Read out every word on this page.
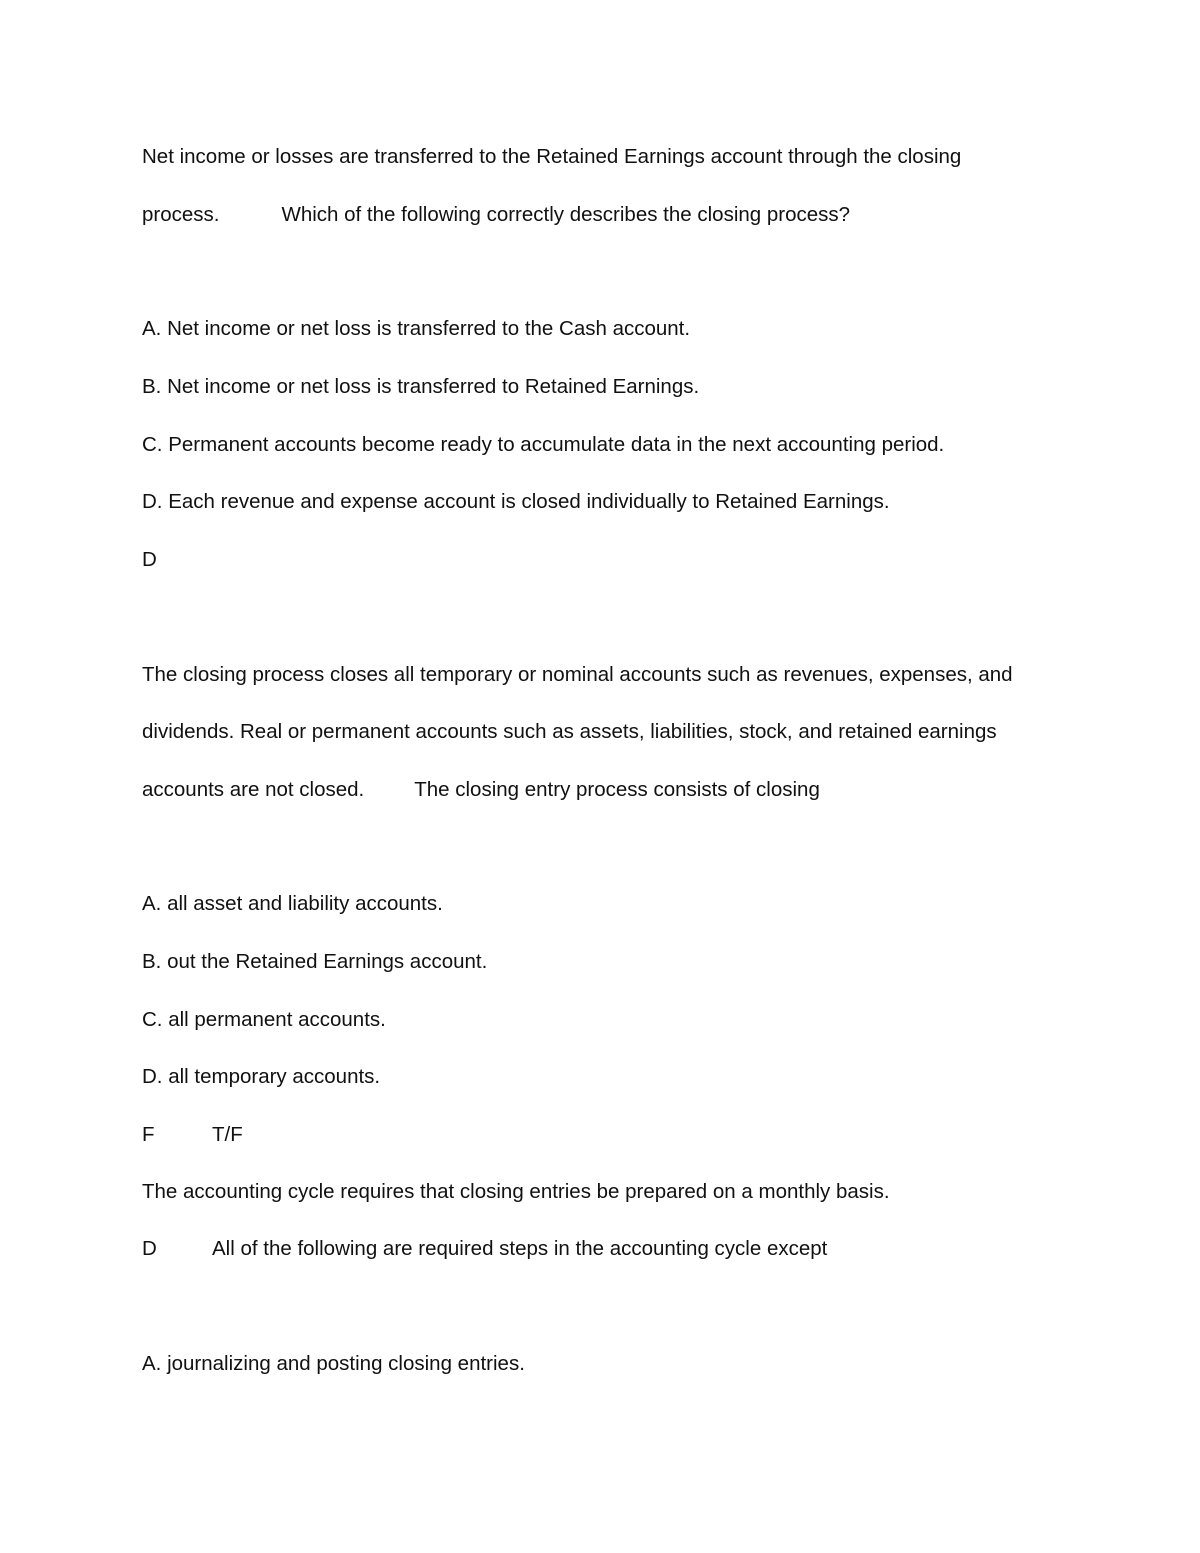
Net income or losses are transferred to the Retained Earnings account through the closing
process.	Which of the following correctly describes the closing process?
A. Net income or net loss is transferred to the Cash account.
B. Net income or net loss is transferred to Retained Earnings.
C. Permanent accounts become ready to accumulate data in the next accounting period.
D. Each revenue and expense account is closed individually to Retained Earnings.
D
The closing process closes all temporary or nominal accounts such as revenues, expenses, and
dividends. Real or permanent accounts such as assets, liabilities, stock, and retained earnings
accounts are not closed. The closing entry process consists of closing
A. all asset and liability accounts.
B. out the Retained Earnings account.
C. all permanent accounts.
D. all temporary accounts.
F	T/F
The accounting cycle requires that closing entries be prepared on a monthly basis.
D	All of the following are required steps in the accounting cycle except
A. journalizing and posting closing entries.
